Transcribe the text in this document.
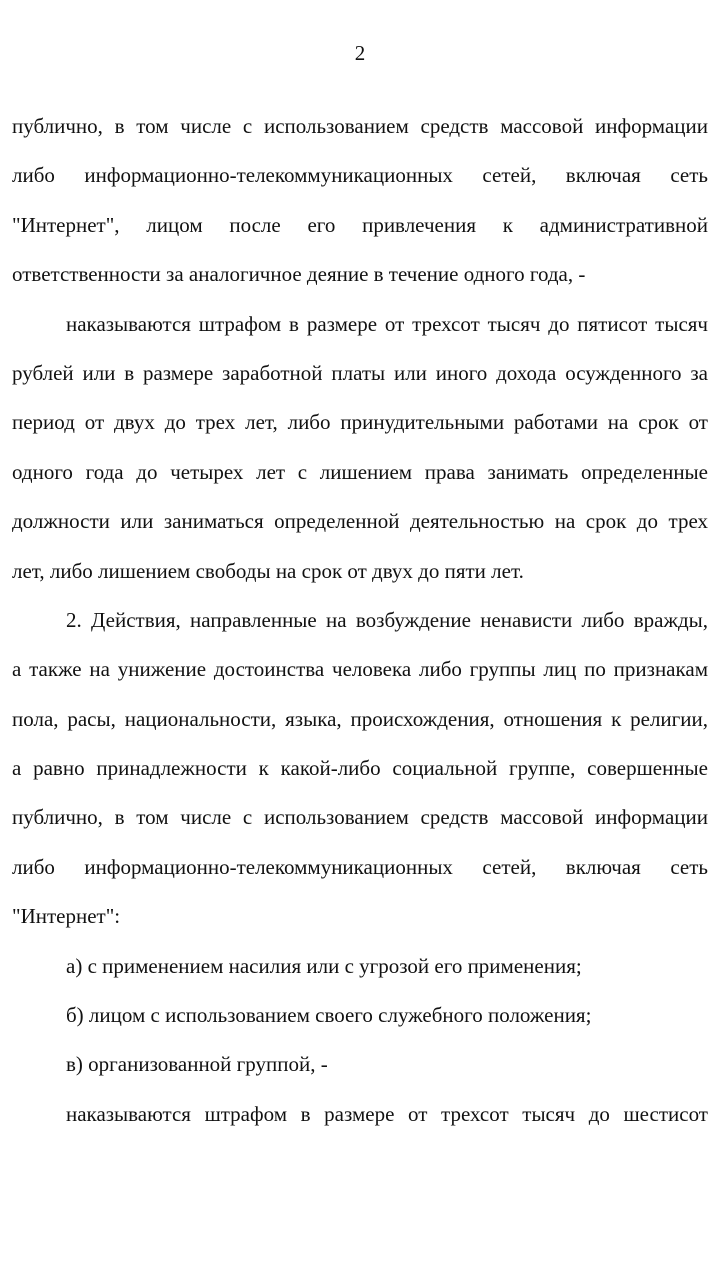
2
публично, в том числе с использованием средств массовой информации
либо информационно-телекоммуникационных сетей, включая сеть
"Интернет", лицом после его привлечения к административной
ответственности за аналогичное деяние в течение одного года, -
наказываются штрафом в размере от трехсот тысяч до пятисот тысяч
рублей или в размере заработной платы или иного дохода осужденного за
период от двух до трех лет, либо принудительными работами на срок от
одного года до четырех лет с лишением права занимать определенные
должности или заниматься определенной деятельностью на срок до трех
лет, либо лишением свободы на срок от двух до пяти лет.
2. Действия, направленные на возбуждение ненависти либо вражды,
а также на унижение достоинства человека либо группы лиц по признакам
пола, расы, национальности, языка, происхождения, отношения к религии,
а равно принадлежности к какой-либо социальной группе, совершенные
публично, в том числе с использованием средств массовой информации
либо информационно-телекоммуникационных сетей, включая сеть
"Интернет":
а) с применением насилия или с угрозой его применения;
б) лицом с использованием своего служебного положения;
в) организованной группой, -
наказываются штрафом в размере от трехсот тысяч до шестисот
